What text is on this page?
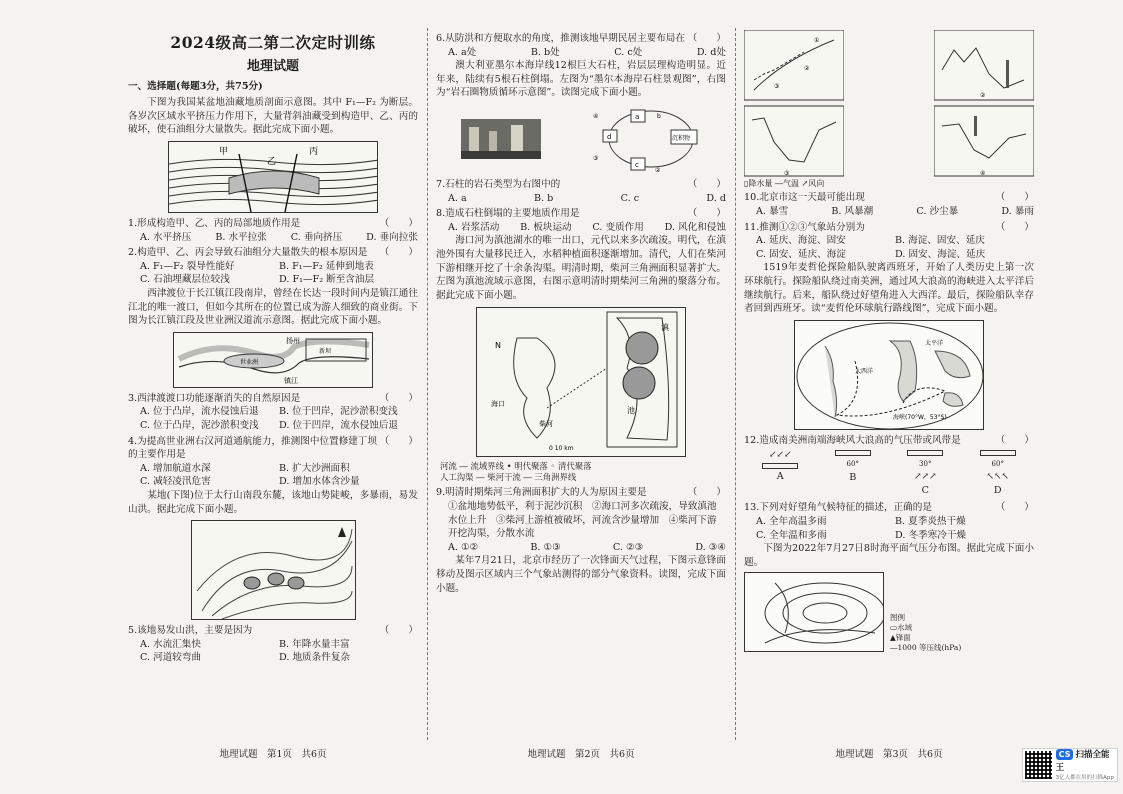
2024级高二第二次定时训练
地理试题

一、选择题(每题3分，共75分)

下图为我国某盆地油藏地质剖面示意图。其中 F₁—F₂ 为断层。各岁次区域水平挤压力作用下，大量背斜油藏受到构造甲、乙、丙的破坏，使石油组分大量散失。据此完成下面小题。

甲
乙
丙
1.形成构造甲、乙、丙的局部地质作用是	（　　）
A. 水平挤压 B. 水平拉张 C. 垂向挤压 D. 垂向拉张
2.构造甲、乙、丙会导致石油组分大量散失的根本原因是 （　　）
A. F₁—F₂ 裂导性能好	B. F₁—F₂ 延伸到地表
C. 石油埋藏层位较浅	D. F₁—F₂ 断至含油层

西津渡位于长江镇江段南岸，曾经在长达一段时间内是镇江通往江北的唯一渡口，但如今其所在的位置已成为游人细致的商业街。下图为长江镇江段及世业洲汉道流示意图。据此完成下面小题。

扬州
镇江
世业洲
新坝
3.西津渡渡口功能逐渐消失的自然原因是	（　　）
A. 位于凸岸，流水侵蚀后退	B. 位于凹岸，泥沙淤积变浅
C. 位于凸岸，泥沙淤积变浅	D. 位于凹岸，流水侵蚀后退
4.为提高世业洲右汉河道通航能力，推测图中位置修建丁坝的主要作用是
（　　）
A. 增加航道水深	B. 扩大沙洲面积
C. 减轻凌汛危害	D. 增加水体含沙量

某地(下图)位于太行山南段东麓，该地山势陡峻，多暴雨，易发山洪。据此完成下面小题。

5.该地易发山洪，主要是因为	（　　）
A. 水流汇集快	B. 年降水量丰富
C. 河道较弯曲	D. 地质条件复杂
6.从防洪和方便取水的角度，推测该地早期民居主要布局在 （　　）
A. a处	B. b处	C. c处	D. d处

澳大利亚墨尔本海岸线12根巨大石柱，岩层层理构造明显。近年来，陆续有5根石柱倒塌。左图为“墨尔本海岸石柱景观图”，右图为“岩石圈物质循环示意图”。读图完成下面小题。

a
d
c
沉积物
b
④
②
③
7.石柱的岩石类型为右图中的	（　　）
A. a	B. b	C. c	D. d
8.造成石柱倒塌的主要地质作用是	（　　）
A. 岩浆活动 B. 板块运动 C. 变质作用 D. 风化和侵蚀

海口河为滇池湖水的唯一出口，元代以来多次疏浚。明代，在滇池外围有大量移民迁入，水稻种植面积逐渐增加。清代，人们在柴河下游相继开挖了十余条沟渠。明清时期，柴河三角洲面积显著扩大。左图为滇池流域示意图，右图示意明清时期柴河三角洲的聚落分布。据此完成下面小题。

N
滇
池
海口
柴河
0 10 km

河流 ― 流域界线 • 明代聚落 ◦ 清代聚落
人工沟渠 ― 柴河干流 ― 三角洲界线

9.明清时期柴河三角洲面积扩大的人为原因主要是	（　　）

①盆地地势低平，利于泥沙沉积　 ②海口河多次疏浚，导致滇池水位上升　 ③柴河上游植被破坏，河流含沙量增加　 ④柴河下游开挖沟渠，分散水流

A. ①②	B. ①③	C. ②③	D. ③④

某年7月21日，北京市经历了一次锋面天气过程，下图示意锋面移动及图示区域内三个气象站测得的部分气象资料。读图，完成下面小题。

①
②
③
③
②
④

▯降水量 ―气温 ↗风向

10.北京市这一天最可能出现	（　　）
A. 暴雪	B. 风暴潮	C. 沙尘暴	D. 暴雨
11.推测①②③气象站分别为	（　　）
A. 延庆、海淀、固安	B. 海淀、固安、延庆
C. 固安、延庆、海淀	D. 固安、海淀、延庆

1519年麦哲伦探险船队驶离西班牙，开始了人类历史上第一次环球航行。探险船队绕过南美洲，通过风大浪高的海峡进入太平洋后继续航行。后来，船队绕过好望角进入大西洋。最后，探险船队幸存者回到西班牙。读“麦哲伦环球航行路线图”，完成下面小题。

大西洋
太平洋
海峡(70°W，53°S)
12.造成南美洲南端海峡风大浪高的气压带或风带是	（　　）
↙↙↙
A
60°
B
30°
↗↗↗
C
60°
↖↖↖
D
13.下列对好望角气候特征的描述，正确的是	（　　）
A. 全年高温多雨	B. 夏季炎热干燥
C. 全年温和多雨	D. 冬季寒冷干燥

下图为2022年7月27日8时海平面气压分布图。据此完成下面小题。

图例
▭水域
▲锋面
―1000 等压线(hPa)

地理试题　第1页　共6页	地理试题　第2页　共6页	地理试题　第3页　共6页	CS 扫描全能王
3亿人都在用的扫描App
